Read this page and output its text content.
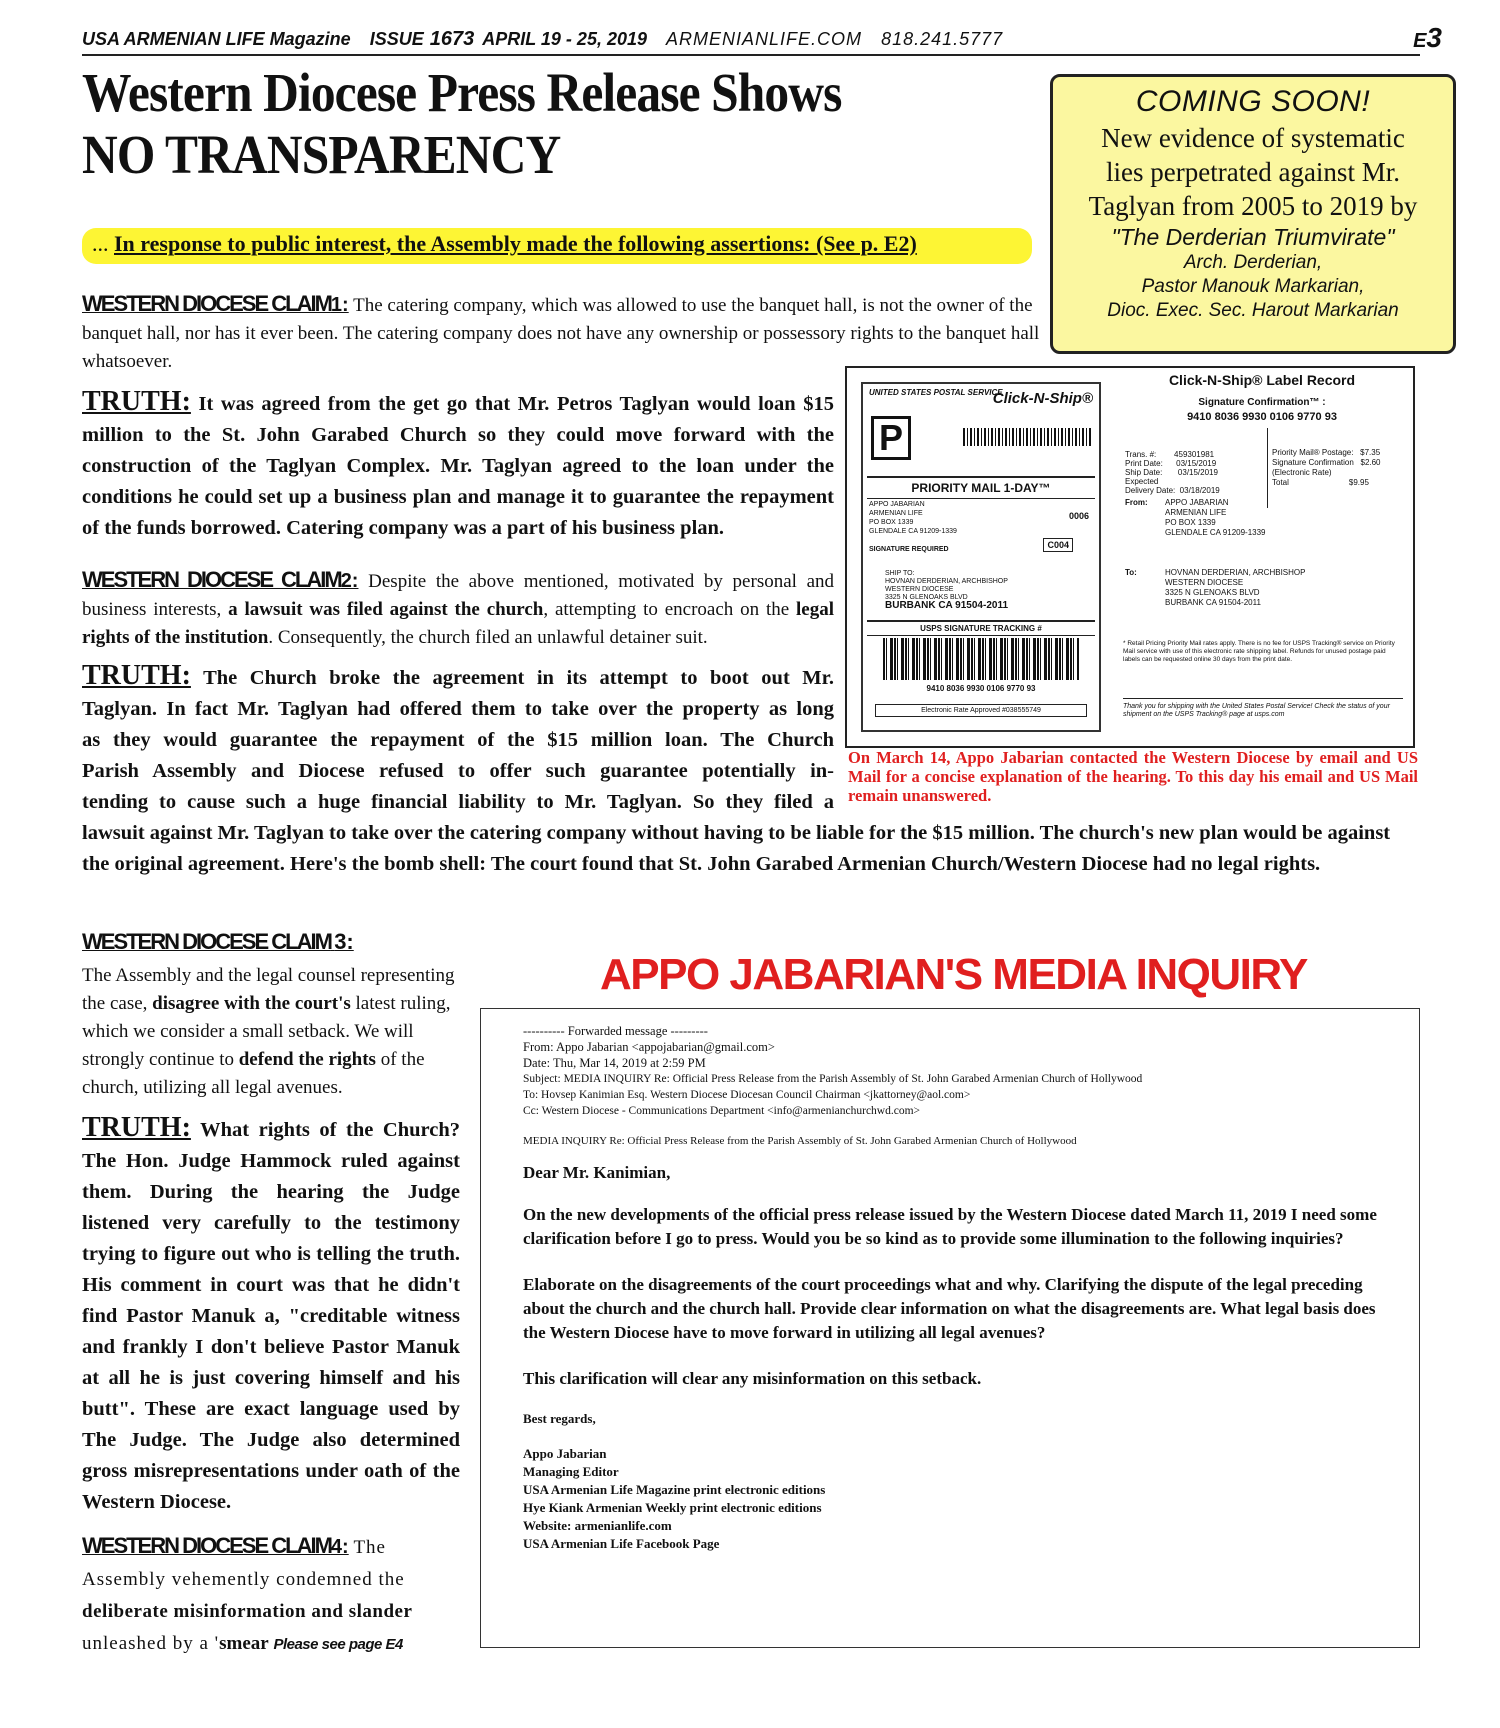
USA ARMENIAN LIFE Magazine ISSUE 1673 APRIL 19 - 25, 2019 ARMENIANLIFE.COM 818.241.5777	E3
Western Diocese Press Release Shows
NO TRANSPARENCY
COMING SOON!
New evidence of systematic
lies perpetrated against Mr.
Taglyan from 2005 to 2019 by
"The Derderian Triumvirate"
Arch. Derderian,
Pastor Manouk Markarian,
Dioc. Exec. Sec. Harout Markarian
... In response to public interest, the Assembly made the following assertions: (See p. E2)
WESTERN DIOCESE CLAIM1: The catering company, which was allowed to use the banquet hall, is not the owner of the banquet hall, nor has it ever been. The catering company does not have any ownership or possessory rights to the banquet hall whatsoever.
TRUTH: It was agreed from the get go that Mr. Petros Taglyan would loan $15 million to the St. John Garabed Church so they could move forward with the construction of the Taglyan Complex. Mr. Taglyan agreed to the loan under the conditions he could set up a business plan and manage it to guarantee the repayment of the funds borrowed. Catering company was a part of his business plan.
WESTERN DIOCESE CLAIM2: Despite the above mentioned, motivated by personal and business interests, a lawsuit was filed against the church, attempting to encroach on the legal rights of the institution. Consequently, the church filed an unlawful detainer suit.
TRUTH: The Church broke the agreement in its attempt to boot out Mr.
Taglyan. In fact Mr. Taglyan had offered them to take over the property as long
as they would guarantee the repayment of the $15 million loan. The Church
Parish Assembly and Diocese refused to offer such guarantee potentially in-
tending to cause such a huge financial liability to Mr. Taglyan. So they filed a
lawsuit against Mr. Taglyan to take over the catering company without having to be liable for the $15 million. The church's new plan would be against the original agreement. Here's the bomb shell: The court found that St. John Garabed Armenian Church/Western Diocese had no legal rights.
UNITED STATES POSTAL SERVICE
Click-N-Ship®
P
PRIORITY MAIL 1-DAY™
APPO JABARIAN
ARMENIAN LIFE
PO BOX 1339
GLENDALE CA 91209-1339
0006
SIGNATURE REQUIRED	C004
SHIP TO:
HOVNAN DERDERIAN, ARCHBISHOP
WESTERN DIOCESE
3325 N GLENOAKS BLVD
BURBANK CA 91504-2011
USPS SIGNATURE TRACKING #
9410 8036 9930 0106 9770 93
Electronic Rate Approved #038555749
Click-N-Ship® Label Record
Signature Confirmation™ :
9410 8036 9930 0106 9770 93

Trans. #:        459301981
Print Date:      03/15/2019
Ship Date:       03/15/2019
Expected
Delivery Date:  03/18/2019

Priority Mail® Postage:   $7.35
Signature Confirmation   $2.60
(Electronic Rate)
Total                           $9.95

From:	APPO JABARIAN
ARMENIAN LIFE
PO BOX 1339
GLENDALE CA 91209-1339
To:	HOVNAN DERDERIAN, ARCHBISHOP
WESTERN DIOCESE
3325 N GLENOAKS BLVD
BURBANK CA 91504-2011
* Retail Pricing Priority Mail rates apply. There is no fee for USPS Tracking® service on Priority Mail service with use of this electronic rate shipping label. Refunds for unused postage paid labels can be requested online 30 days from the print date.
Thank you for shipping with the United States Postal Service! Check the status of your shipment on the USPS Tracking® page at usps.com
On March 14, Appo Jabarian contacted the Western Diocese by email and US Mail for a concise explanation of the hearing. To this day his email and US Mail remain unanswered.
WESTERN DIOCESE CLAIM 3:
The Assembly and the legal counsel representing the case, disagree with the court's latest ruling, which we consider a small setback. We will strongly continue to defend the rights of the church, utilizing all legal avenues.
TRUTH: What rights of the Church? The Hon. Judge Hammock ruled against them. During the hearing the Judge listened very carefully to the testimony trying to figure out who is telling the truth. His comment in court was that he didn't find Pastor Manuk a, "creditable witness and frankly I don't believe Pastor Manuk at all he is just covering himself and his butt". These are exact language used by The Judge. The Judge also determined gross misrepresentations under oath of the Western Diocese.
WESTERN DIOCESE CLAIM4: The Assembly vehemently condemned the deliberate misinformation and slander unleashed by a 'smear Please see page E4
APPO JABARIAN'S MEDIA INQUIRY
---------- Forwarded message ---------
From: Appo Jabarian <appojabarian@gmail.com>
Date: Thu, Mar 14, 2019 at 2:59 PM
Subject: MEDIA INQUIRY Re: Official Press Release from the Parish Assembly of St. John Garabed Armenian Church of Hollywood
To: Hovsep Kanimian Esq. Western Diocese Diocesan Council Chairman <jkattorney@aol.com>
Cc: Western Diocese - Communications Department <info@armenianchurchwd.com>
MEDIA INQUIRY Re: Official Press Release from the Parish Assembly of St. John Garabed Armenian Church of Hollywood
Dear Mr. Kanimian,
On the new developments of the official press release issued by the Western Diocese dated March 11, 2019 I need some clarification before I go to press. Would you be so kind as to provide some illumination to the following inquiries?
Elaborate on the disagreements of the court proceedings what and why. Clarifying the dispute of the legal preceding about the church and the church hall. Provide clear information on what the disagreements are. What legal basis does the Western Diocese have to move forward in utilizing all legal avenues?
This clarification will clear any misinformation on this setback.
Best regards,
Appo Jabarian
Managing Editor
USA Armenian Life Magazine print electronic editions
Hye Kiank Armenian Weekly print electronic editions
Website: armenianlife.com
USA Armenian Life Facebook Page
